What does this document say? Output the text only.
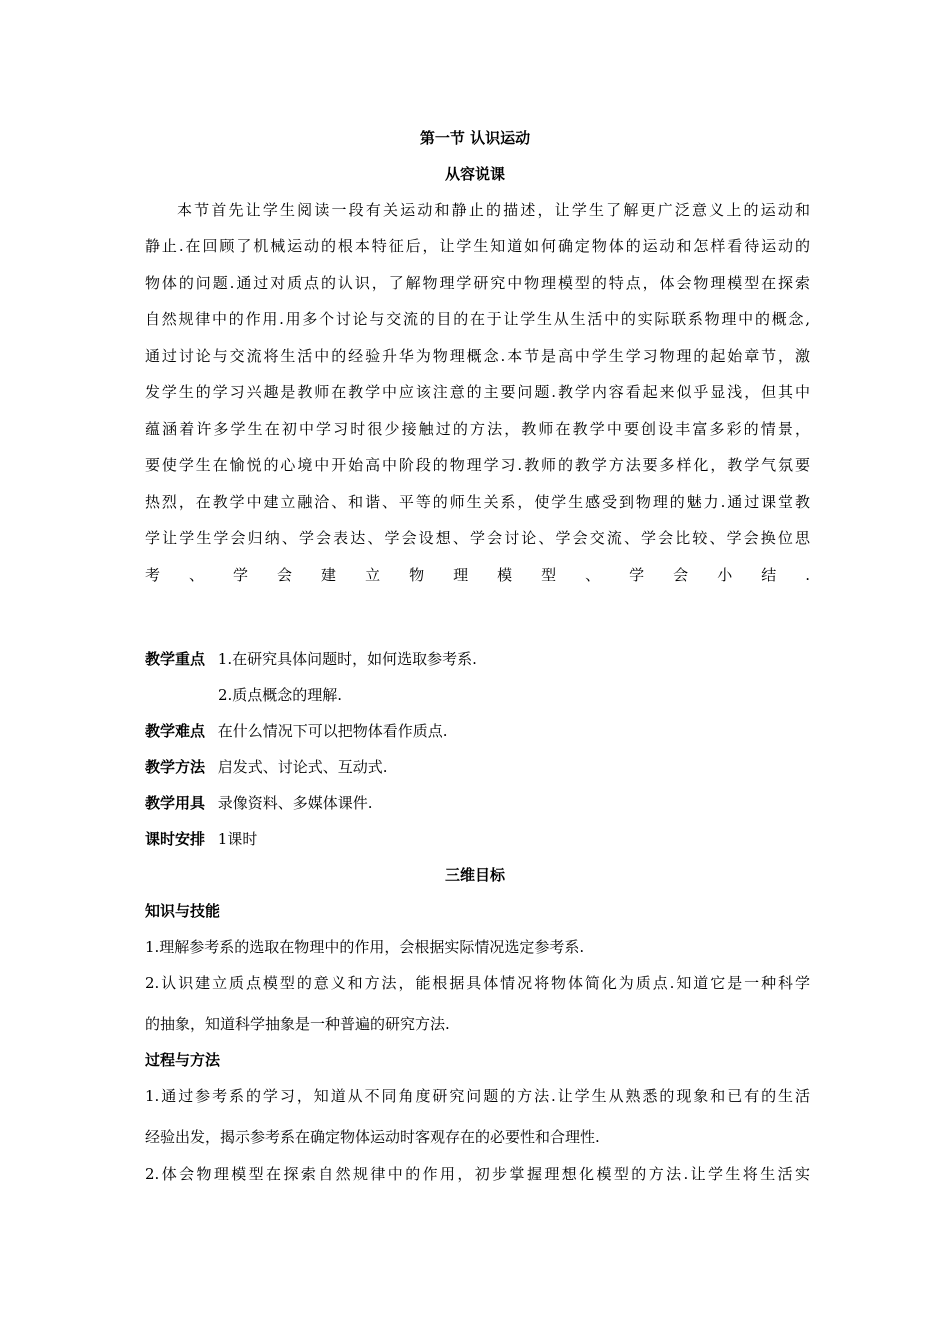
第一节 认识运动
从容说课
本节首先让学生阅读一段有关运动和静止的描述，让学生了解更广泛意义上的运动和
静止.在回顾了机械运动的根本特征后，让学生知道如何确定物体的运动和怎样看待运动的
物体的问题.通过对质点的认识，了解物理学研究中物理模型的特点，体会物理模型在探索
自然规律中的作用.用多个讨论与交流的目的在于让学生从生活中的实际联系物理中的概念,
通过讨论与交流将生活中的经验升华为物理概念.本节是高中学生学习物理的起始章节，激
发学生的学习兴趣是教师在教学中应该注意的主要问题.教学内容看起来似乎显浅，但其中
蕴涵着许多学生在初中学习时很少接触过的方法，教师在教学中要创设丰富多彩的情景，
要使学生在愉悦的心境中开始高中阶段的物理学习.教师的教学方法要多样化，教学气氛要
热烈，在教学中建立融洽、和谐、平等的师生关系，使学生感受到物理的魅力.通过课堂教
学让学生学会归纳、学会表达、学会设想、学会讨论、学会交流、学会比较、学会换位思
考、学会建立物理模型、学会小结.
教学重点 1.在研究具体问题时，如何选取参考系.
2.质点概念的理解.
教学难点 在什么情况下可以把物体看作质点.
教学方法 启发式、讨论式、互动式.
教学用具 录像资料、多媒体课件.
课时安排 1课时
三维目标
知识与技能
1.理解参考系的选取在物理中的作用，会根据实际情况选定参考系.
2.认识建立质点模型的意义和方法，能根据具体情况将物体简化为质点.知道它是一种科学
的抽象，知道科学抽象是一种普遍的研究方法.
过程与方法
1.通过参考系的学习，知道从不同角度研究问题的方法.让学生从熟悉的现象和已有的生活
经验出发，揭示参考系在确定物体运动时客观存在的必要性和合理性.
2.体会物理模型在探索自然规律中的作用，初步掌握理想化模型的方法.让学生将生活实
